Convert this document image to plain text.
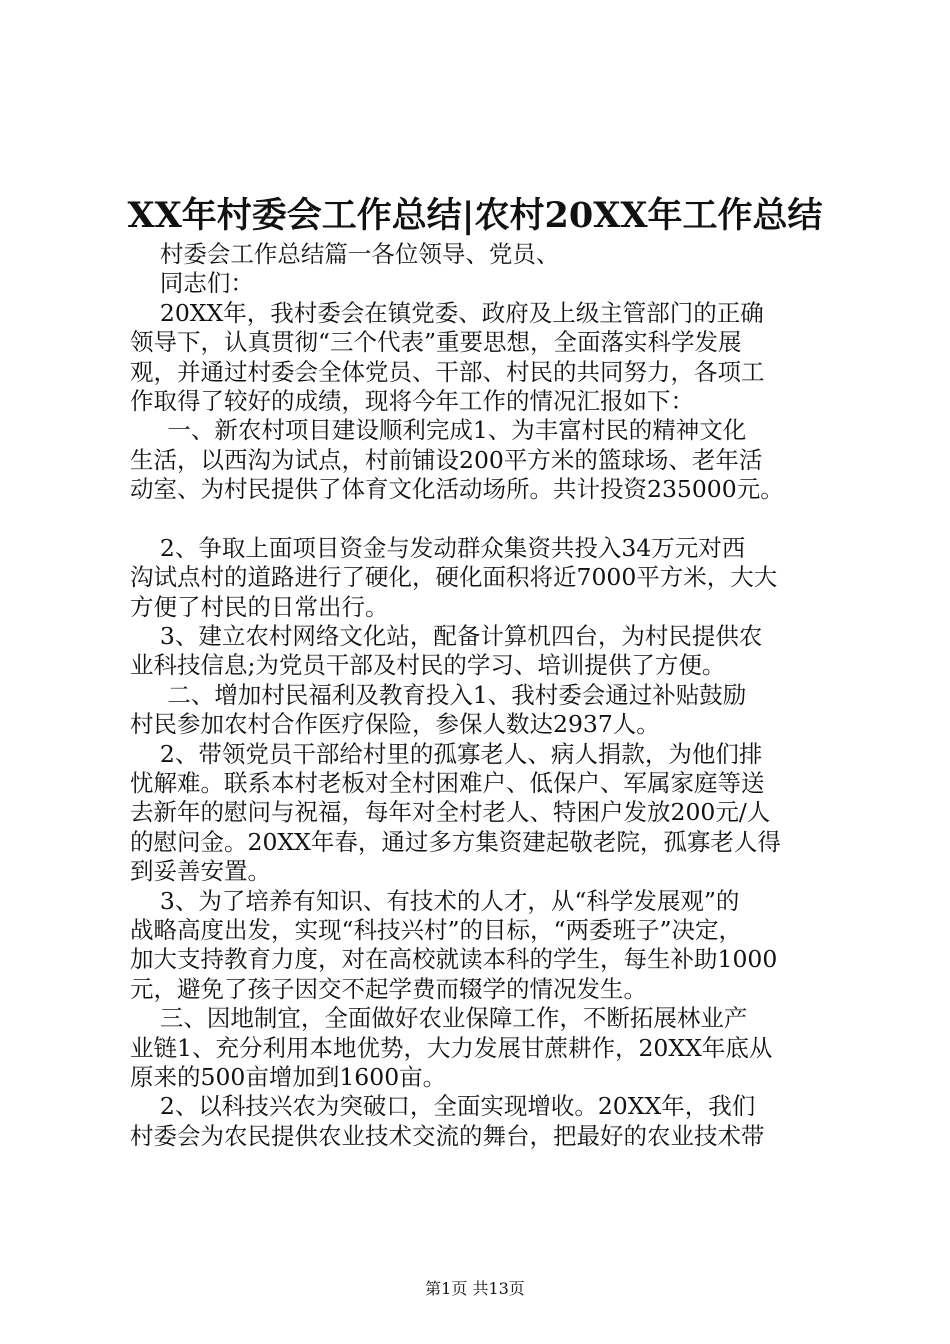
XX年村委会工作总结|农村20XX年工作总结
村委会工作总结篇一各位领导、党员、
同志们：
20XX年，我村委会在镇党委、政府及上级主管部门的正确
领导下，认真贯彻“三个代表”重要思想，全面落实科学发展
观，并通过村委会全体党员、干部、村民的共同努力，各项工
作取得了较好的成绩，现将今年工作的情况汇报如下：
一、新农村项目建设顺利完成1、为丰富村民的精神文化
生活，以西沟为试点，村前铺设200平方米的篮球场、老年活
动室、为村民提供了体育文化活动场所。共计投资235000元。
2、争取上面项目资金与发动群众集资共投入34万元对西
沟试点村的道路进行了硬化，硬化面积将近7000平方米，大大
方便了村民的日常出行。
3、建立农村网络文化站，配备计算机四台，为村民提供农
业科技信息;为党员干部及村民的学习、培训提供了方便。
二、增加村民福利及教育投入1、我村委会通过补贴鼓励
村民参加农村合作医疗保险，参保人数达2937人。
2、带领党员干部给村里的孤寡老人、病人捐款，为他们排
忧解难。联系本村老板对全村困难户、低保户、军属家庭等送
去新年的慰问与祝福，每年对全村老人、特困户发放200元/人
的慰问金。20XX年春，通过多方集资建起敬老院，孤寡老人得
到妥善安置。
3、为了培养有知识、有技术的人才，从“科学发展观”的
战略高度出发，实现“科技兴村”的目标，“两委班子”决定，
加大支持教育力度，对在高校就读本科的学生，每生补助1000
元，避免了孩子因交不起学费而辍学的情况发生。
三、因地制宜，全面做好农业保障工作，不断拓展林业产
业链1、充分利用本地优势，大力发展甘蔗耕作，20XX年底从
原来的500亩增加到1600亩。
2、以科技兴农为突破口，全面实现增收。20XX年，我们
村委会为农民提供农业技术交流的舞台，把最好的农业技术带
第1页 共13页
